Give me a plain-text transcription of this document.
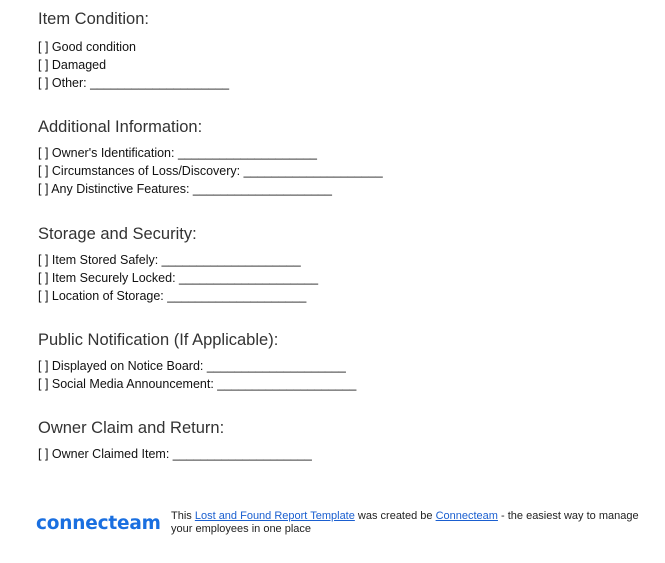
Item Condition:
[ ] Good condition
[ ] Damaged
[ ] Other: ____________________
Additional Information:
[ ] Owner's Identification: ____________________
[ ] Circumstances of Loss/Discovery: ____________________
[ ] Any Distinctive Features: ____________________
Storage and Security:
[ ] Item Stored Safely: ____________________
[ ] Item Securely Locked: ____________________
[ ] Location of Storage: ____________________
Public Notification (If Applicable):
[ ] Displayed on Notice Board: ____________________
[ ] Social Media Announcement: ____________________
Owner Claim and Return:
[ ] Owner Claimed Item: ____________________
connecteam This Lost and Found Report Template was created be Connecteam - the easiest way to manage your employees in one place
